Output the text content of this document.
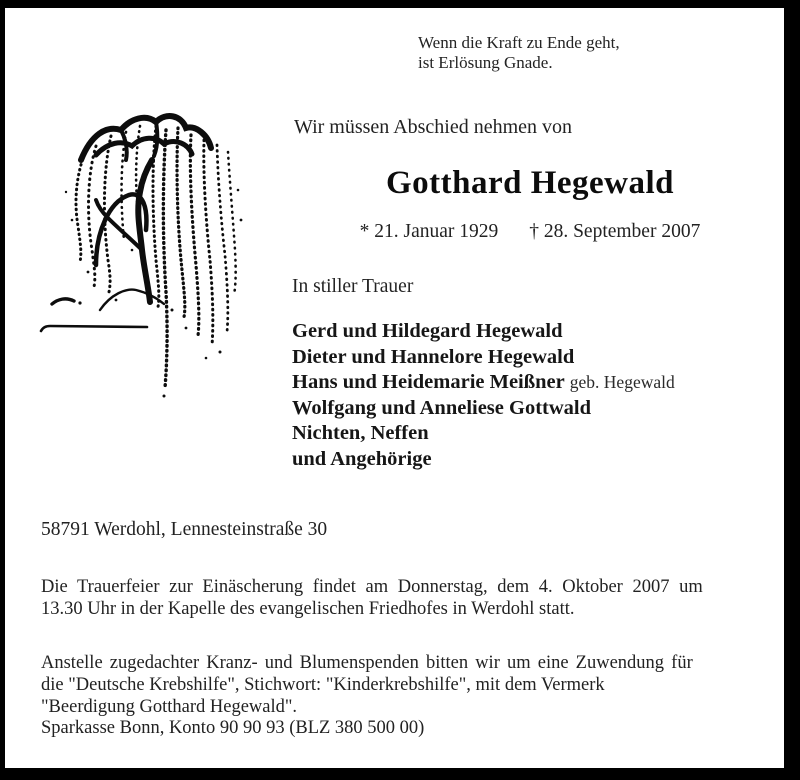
Wenn die Kraft zu Ende geht,
ist Erlösung Gnade.
Wir müssen Abschied nehmen von
Gotthard Hegewald
* 21. Januar 1929 † 28. September 2007
In stiller Trauer
Gerd und Hildegard Hegewald
Dieter und Hannelore Hegewald
Hans und Heidemarie Meißner geb. Hegewald
Wolfgang und Anneliese Gottwald
Nichten, Neffen
und Angehörige
58791 Werdohl, Lennesteinstraße 30
Die Trauerfeier zur Einäscherung findet am Donnerstag, dem 4. Oktober 2007 um
13.30 Uhr in der Kapelle des evangelischen Friedhofes in Werdohl statt.
Anstelle zugedachter Kranz- und Blumenspenden bitten wir um eine Zuwendung für
die "Deutsche Krebshilfe", Stichwort: "Kinderkrebshilfe", mit dem Vermerk
"Beerdigung Gotthard Hegewald".
Sparkasse Bonn, Konto 90 90 93 (BLZ 380 500 00)
